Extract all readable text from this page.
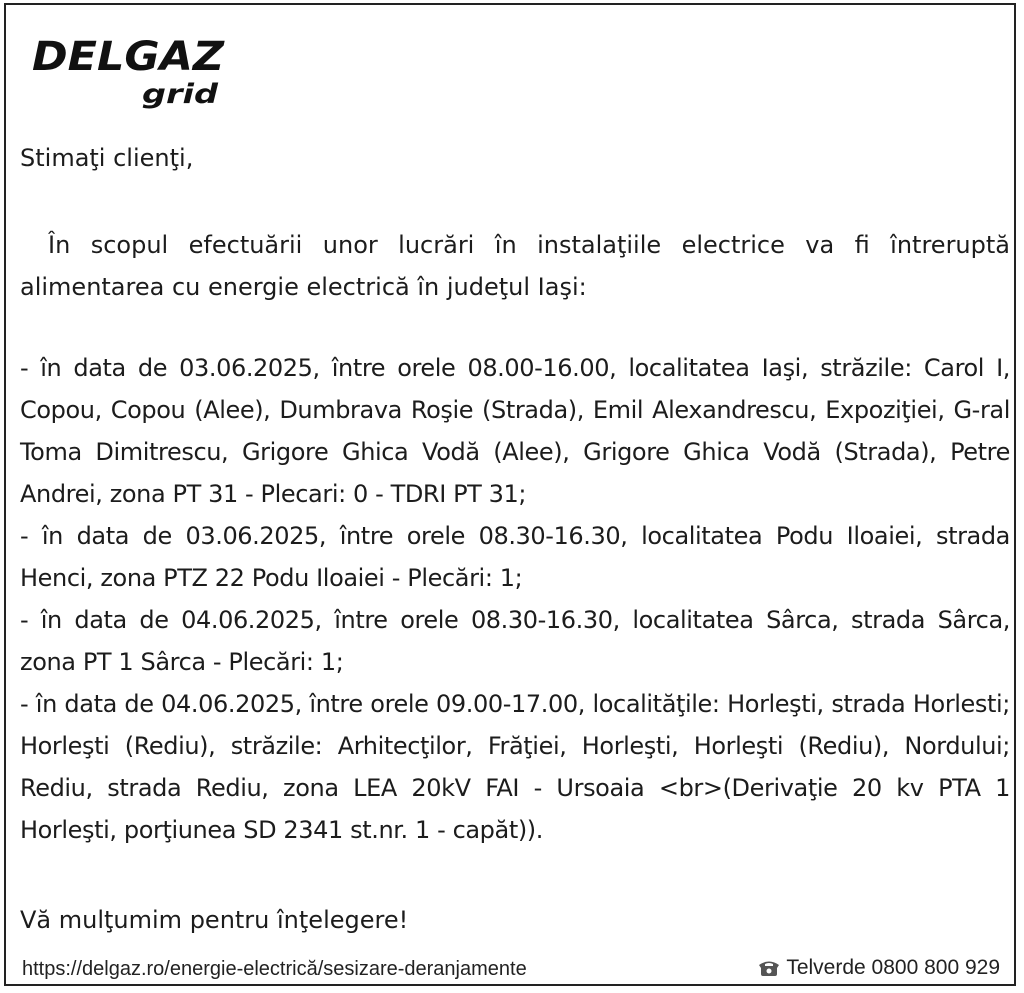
DELGAZ
grid
Stimaţi clienţi,
În scopul efectuării unor lucrări în instalaţiile electrice va fi întreruptă alimentarea cu energie electrică în judeţul Iaşi:

- în data de 03.06.2025, între orele 08.00-16.00, localitatea Iaşi, străzile: Carol I, Copou, Copou (Alee), Dumbrava Roşie (Strada), Emil Alexandrescu, Expoziţiei, G-ral Toma Dimitrescu, Grigore Ghica Vodă (Alee), Grigore Ghica Vodă (Strada), Petre Andrei, zona PT 31 - Plecari: 0 - TDRI PT 31;

- în data de 03.06.2025, între orele 08.30-16.30, localitatea Podu Iloaiei, strada Henci, zona PTZ 22 Podu Iloaiei - Plecări: 1;

- în data de 04.06.2025, între orele 08.30-16.30, localitatea Sârca, strada Sârca, zona PT 1 Sârca - Plecări: 1;

- în data de 04.06.2025, între orele 09.00-17.00, localităţile: Horleşti, strada Horlesti; Horleşti (Rediu), străzile: Arhitecţilor, Frăţiei, Horleşti, Horleşti (Rediu), Nordului; Rediu, strada Rediu, zona LEA 20kV FAI - Ursoaia <br>(Derivaţie 20 kv PTA 1 Horleşti, porţiunea SD 2341 st.nr. 1 - capăt)).

Vă mulţumim pentru înţelegere!
https://delgaz.ro/energie-electrică/sesizare-deranjamente	Telverde 0800 800 929
